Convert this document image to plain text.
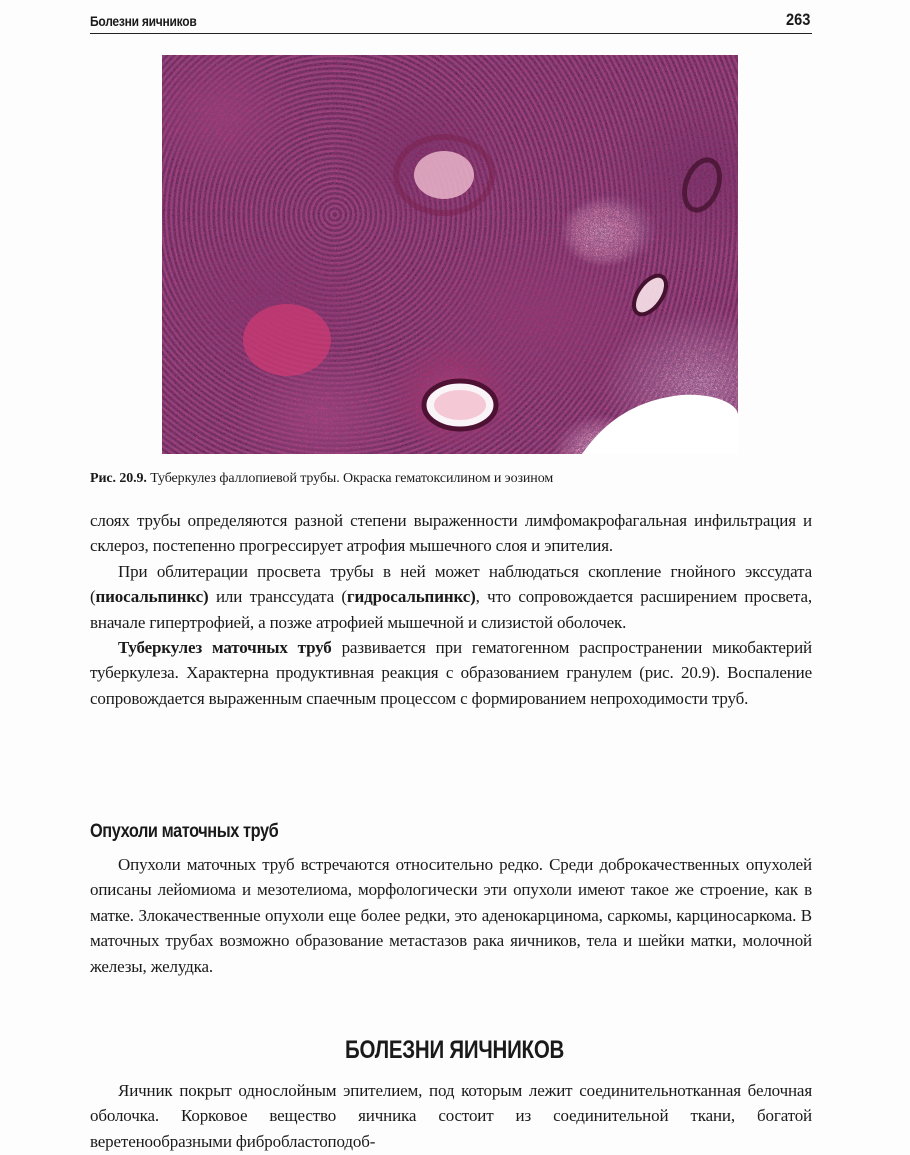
Болезни яичников	263
Рис. 20.9. Туберкулез фаллопиевой трубы. Окраска гематоксилином и эозином

слоях трубы определяются разной степени выраженности лимфомакрофагальная инфильтрация и склероз, постепенно прогрессирует атрофия мышечного слоя и эпителия.

При облитерации просвета трубы в ней может наблюдаться скопление гнойного экссудата (пиосальпинкс) или транссудата (гидросальпинкс), что сопровождается расширением просвета, вначале гипертрофией, а позже атрофией мышечной и слизистой оболочек.

Туберкулез маточных труб развивается при гематогенном распространении микобактерий туберкулеза. Характерна продуктивная реакция с образованием гранулем (рис. 20.9). Воспаление сопровождается выраженным спаечным процессом с формированием непроходимости труб.

Опухоли маточных труб

Опухоли маточных труб встречаются относительно редко. Среди доброкачественных опухолей описаны лейомиома и мезотелиома, морфологически эти опухоли имеют такое же строение, как в матке. Злокачественные опухоли еще более редки, это аденокарцинома, саркомы, карциносаркома. В маточных трубах возможно образование метастазов рака яичников, тела и шейки матки, молочной железы, желудка.

БОЛЕЗНИ ЯИЧНИКОВ

Яичник покрыт однослойным эпителием, под которым лежит соединительнотканная белочная оболочка. Корковое вещество яичника состоит из соединительной ткани, богатой веретенообразными фибробластоподоб-
